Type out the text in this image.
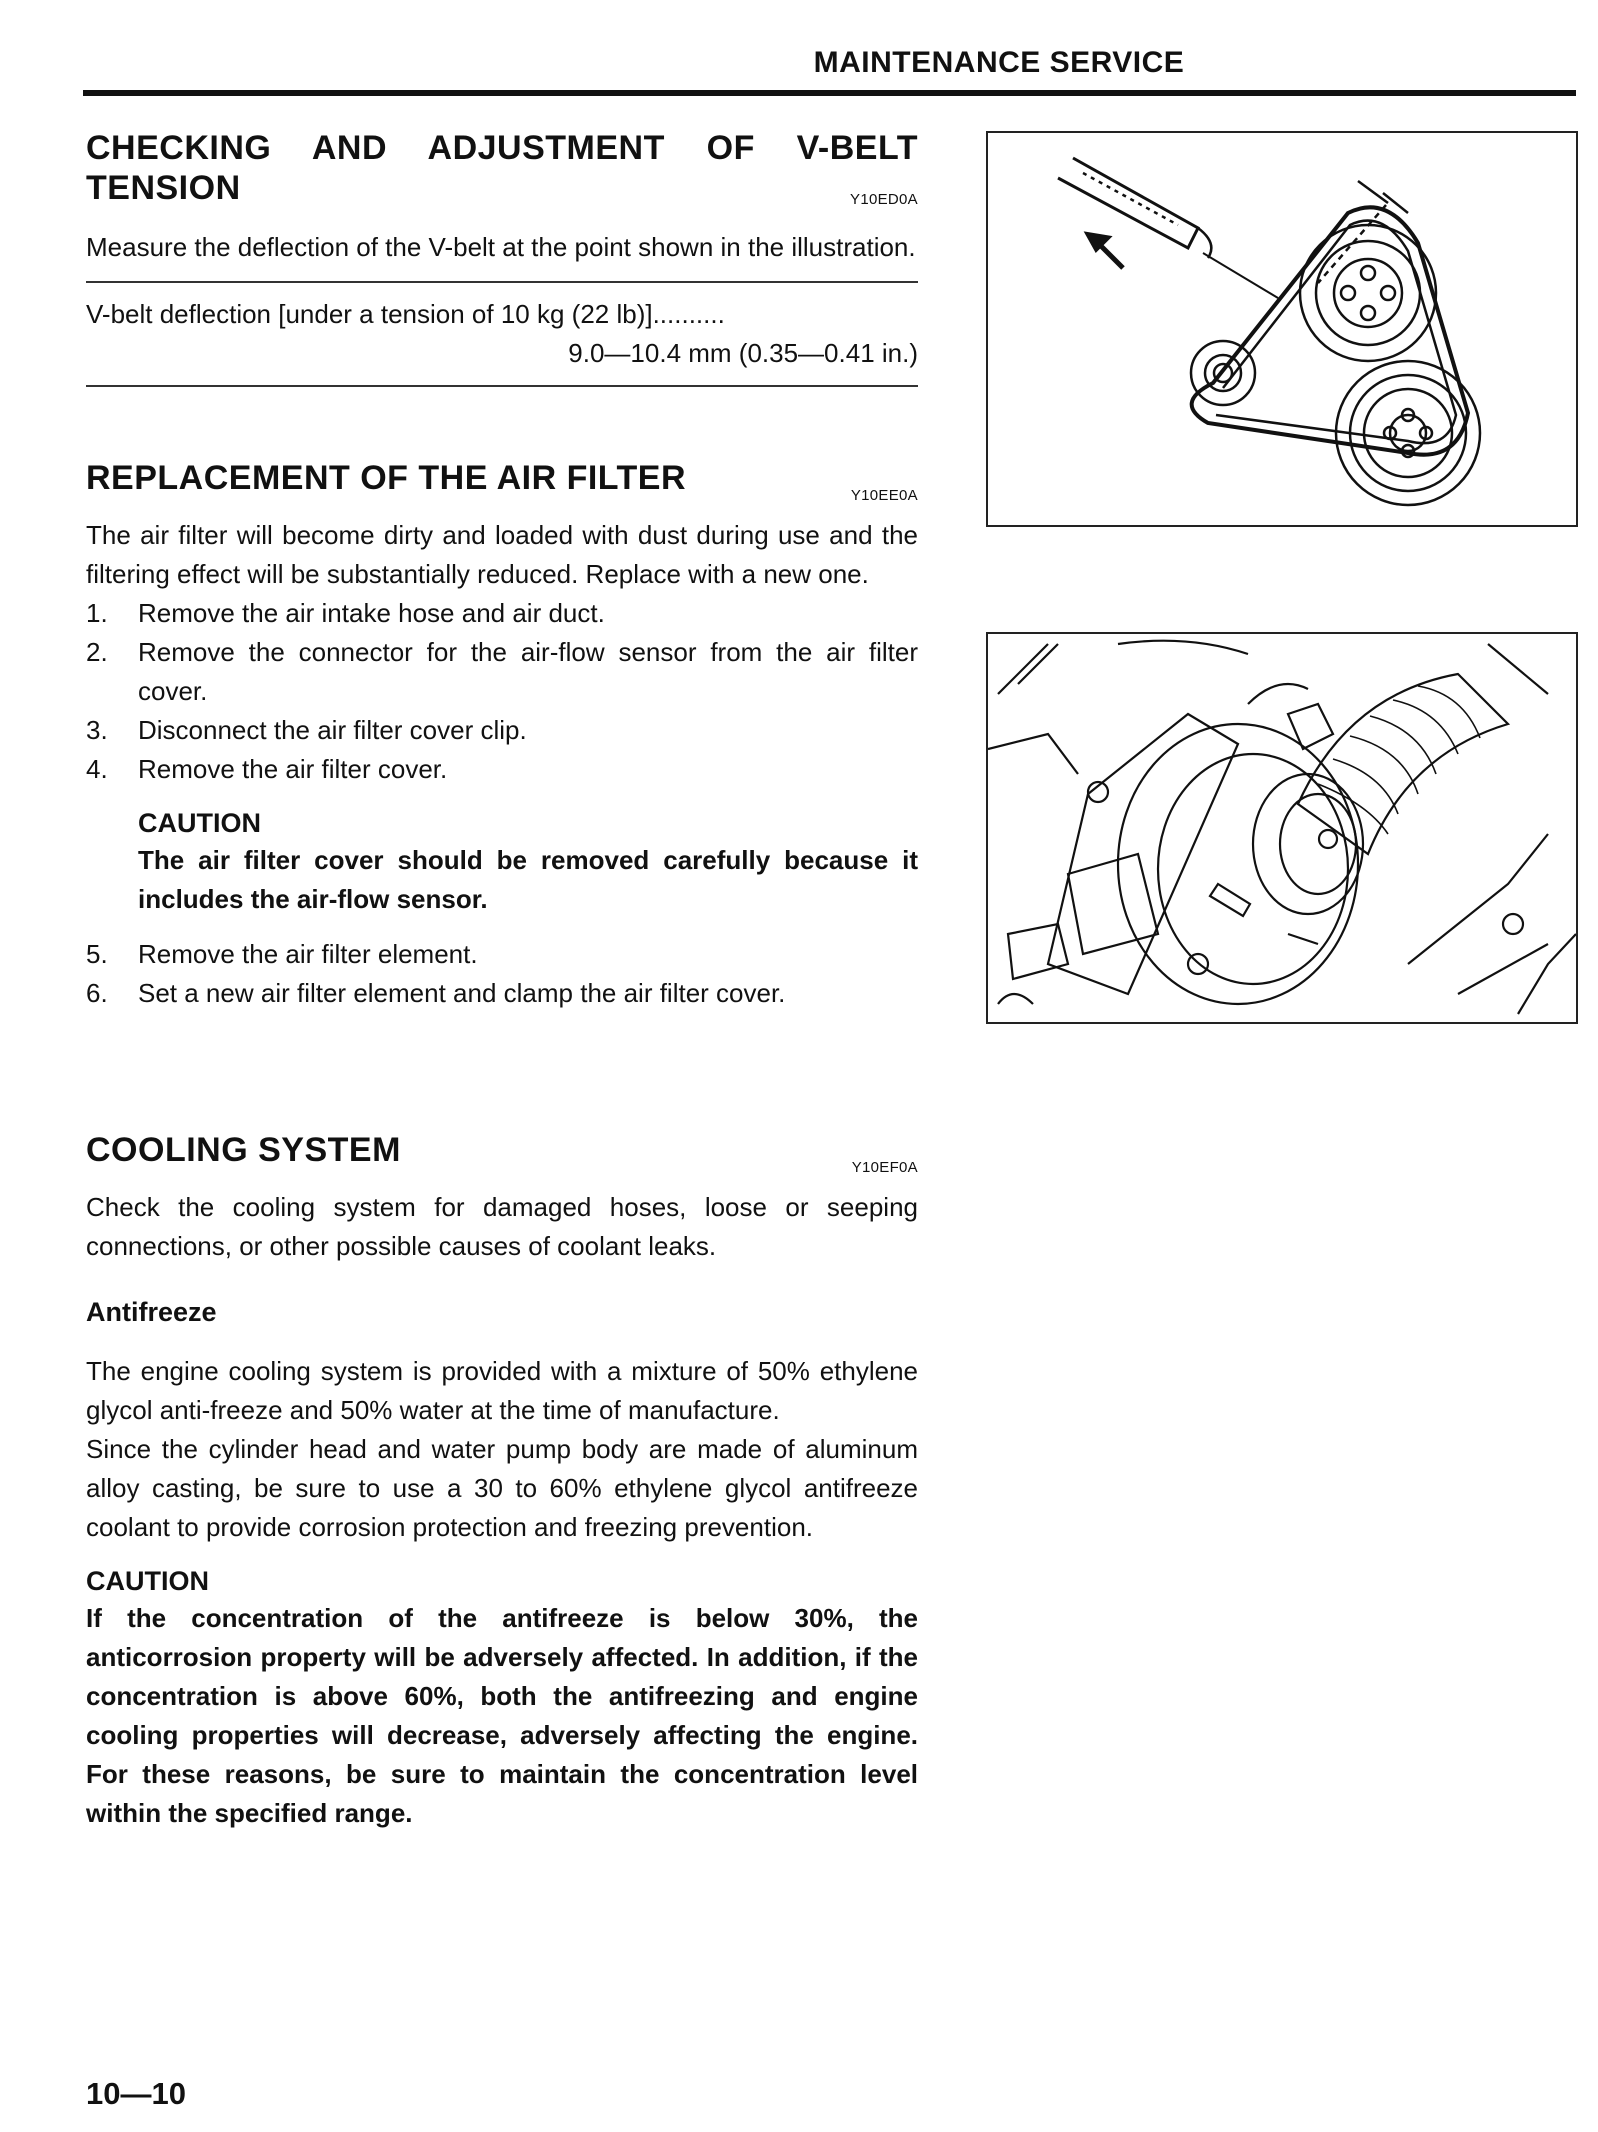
MAINTENANCE SERVICE
CHECKING AND ADJUSTMENT OF V-BELT
TENSION	Y10ED0A

Measure the deflection of the V-belt at the point shown in the illustration.

V-belt deflection [under a tension of 10 kg (22 lb)]..........
9.0—10.4 mm (0.35—0.41 in.)
REPLACEMENT OF THE AIR FILTER	Y10EE0A

The air filter will become dirty and loaded with dust during use and the filtering effect will be substantially reduced. Replace with a new one.

1.	Remove the air intake hose and air duct.
2.	Remove the connector for the air-flow sensor from the air filter cover.
3.	Disconnect the air filter cover clip.
4.	Remove the air filter cover.
CAUTION

The air filter cover should be removed carefully because it includes the air-flow sensor.

5.	Remove the air filter element.
6.	Set a new air filter element and clamp the air filter cover.
COOLING SYSTEM	Y10EF0A

Check the cooling system for damaged hoses, loose or seeping connections, or other possible causes of coolant leaks.

Antifreeze

The engine cooling system is provided with a mixture of 50% ethylene glycol anti-freeze and 50% water at the time of manufacture.

Since the cylinder head and water pump body are made of aluminum alloy casting, be sure to use a 30 to 60% ethylene glycol antifreeze coolant to provide corrosion protection and freezing prevention.

CAUTION

If the concentration of the antifreeze is below 30%, the anticorrosion property will be adversely affected. In addition, if the concentration is above 60%, both the antifreezing and engine cooling properties will decrease, adversely affecting the engine. For these reasons, be sure to maintain the concentration level within the specified range.

10—10
